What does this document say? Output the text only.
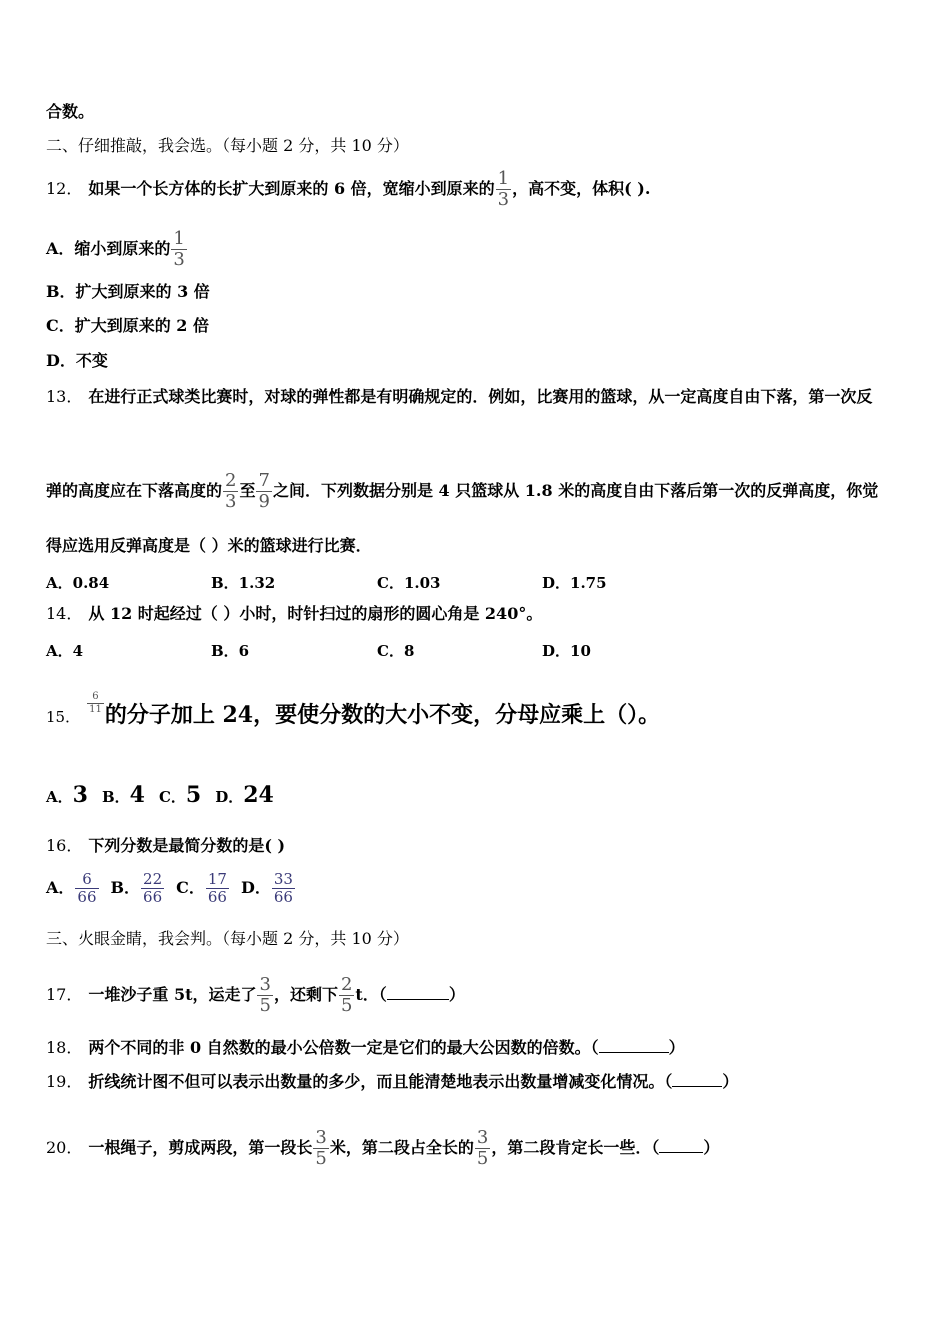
合数。
二、仔细推敲，我会选。（每小题 2 分，共 10 分）
12． 如果一个长方体的长扩大到原来的 6 倍，宽缩小到原来的 $\frac{1}{3}$ ，高不变，体积( ).
A．缩小到原来的 $\frac{1}{3}$
B．扩大到原来的 3 倍
C．扩大到原来的 2 倍
D．不变
13． 在进行正式球类比赛时，对球的弹性都是有明确规定的．例如，比赛用的篮球，从一定高度自由下落，第一次反
弹的高度应在下落高度的 $\frac{2}{3}$ 至 $\frac{7}{9}$ 之间．下列数据分别是 4 只篮球从 1.8 米的高度自由下落后第一次的反弹高度，你觉
得应选用反弹高度是（ ）米的篮球进行比赛．
A．0.84	B．1.32	C．1.03	D．1.75
14． 从 12 时起经过（ ）小时，时针扫过的扇形的圆心角是 240°。
A．4	B．6	C．8	D．10
15．
$\frac{6}{11}$ 的分子加上 24，要使分数的大小不变，分母应乘上（）。
A．3 B．4 C．5 D．24
16． 下列分数是最简分数的是( )
A． $\frac{6}{66}$ B． $\frac{22}{66}$ C． $\frac{17}{66}$ D． $\frac{33}{66}$
三、火眼金睛，我会判。（每小题 2 分，共 10 分）
17． 一堆沙子重 5t，运走了 $\frac{3}{5}$ ，还剩下 $\frac{2}{5}$ t．（	）
18． 两个不同的非 0 自然数的最小公倍数一定是它们的最大公因数的倍数。（	）
19． 折线统计图不但可以表示出数量的多少，而且能清楚地表示出数量增减变化情况。（	）
20． 一根绳子，剪成两段，第一段长 $\frac{3}{5}$ 米，第二段占全长的 $\frac{3}{5}$ ，第二段肯定长一些．（	）
